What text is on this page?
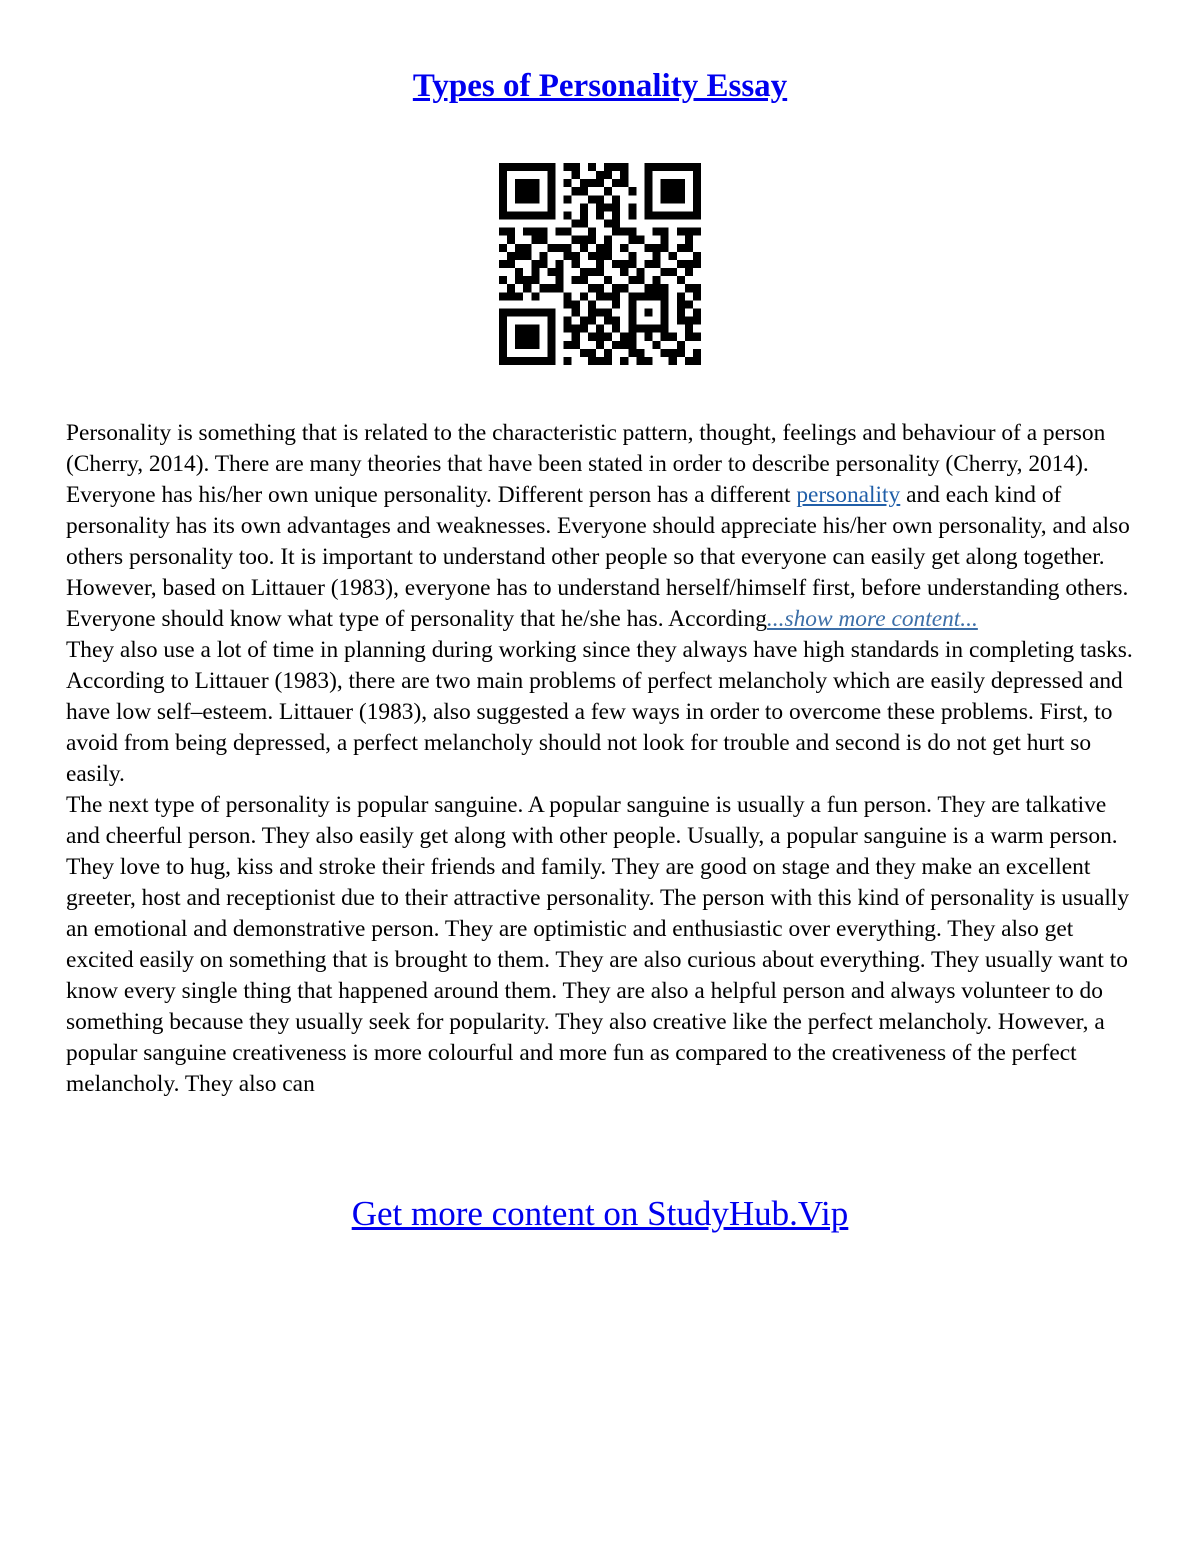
Types of Personality Essay

Personality is something that is related to the characteristic pattern, thought, feelings and behaviour of a person (Cherry, 2014). There are many theories that have been stated in order to describe personality (Cherry, 2014). Everyone has his/her own unique personality. Different person has a different personality and each kind of personality has its own advantages and weaknesses. Everyone should appreciate his/her own personality, and also others personality too. It is important to understand other people so that everyone can easily get along together. However, based on Littauer (1983), everyone has to understand herself/himself first, before understanding others. Everyone should know what type of personality that he/she has. According...show more content...

They also use a lot of time in planning during working since they always have high standards in completing tasks. According to Littauer (1983), there are two main problems of perfect melancholy which are easily depressed and have low self–esteem. Littauer (1983), also suggested a few ways in order to overcome these problems. First, to avoid from being depressed, a perfect melancholy should not look for trouble and second is do not get hurt so easily.

The next type of personality is popular sanguine. A popular sanguine is usually a fun person. They are talkative and cheerful person. They also easily get along with other people. Usually, a popular sanguine is a warm person. They love to hug, kiss and stroke their friends and family. They are good on stage and they make an excellent greeter, host and receptionist due to their attractive personality. The person with this kind of personality is usually an emotional and demonstrative person. They are optimistic and enthusiastic over everything. They also get excited easily on something that is brought to them. They are also curious about everything. They usually want to know every single thing that happened around them. They are also a helpful person and always volunteer to do something because they usually seek for popularity. They also creative like the perfect melancholy. However, a popular sanguine creativeness is more colourful and more fun as compared to the creativeness of the perfect melancholy. They also can

Get more content on StudyHub.Vip
